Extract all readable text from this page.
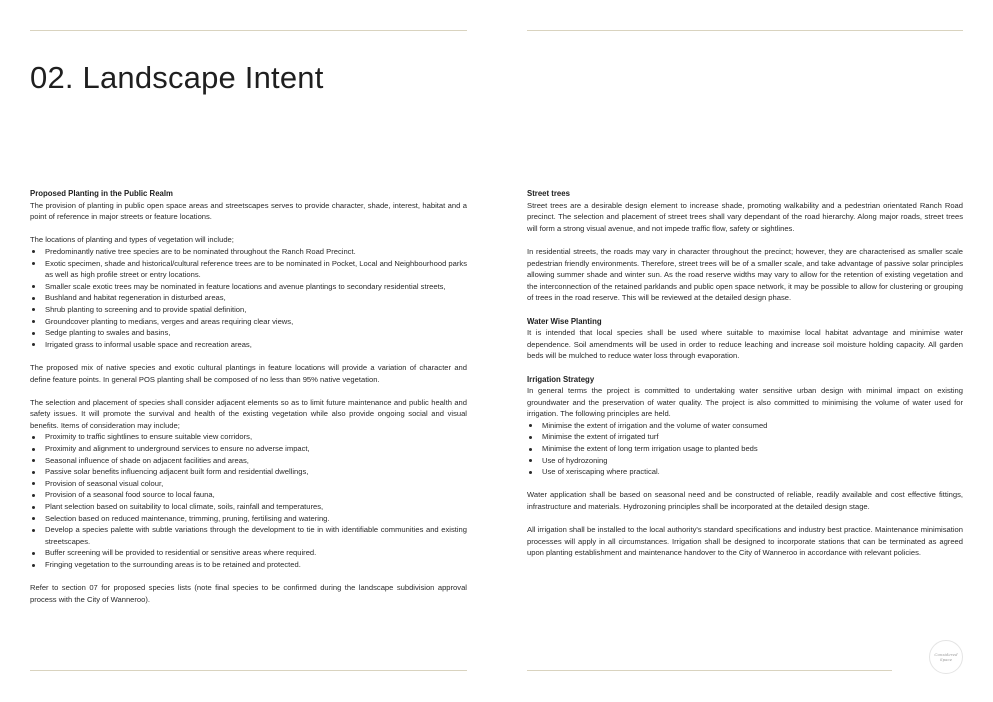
02. Landscape Intent
Proposed Planting in the Public Realm

The provision of planting in public open space areas and streetscapes serves to provide character, shade, interest, habitat and a point of reference in major streets or feature locations.

The locations of planting and types of vegetation will include;
Predominantly native tree species are to be nominated throughout the Ranch Road Precinct.
Exotic specimen, shade and historical/cultural reference trees are to be nominated in Pocket, Local and Neighbourhood parks as well as high profile street or entry locations.
Smaller scale exotic trees may be nominated in feature locations and avenue plantings to secondary residential streets,
Bushland and habitat regeneration in disturbed areas,
Shrub planting to screening and to provide spatial definition,
Groundcover planting to medians, verges and areas requiring clear views,
Sedge planting to swales and basins,
Irrigated grass to informal usable space and recreation areas,

The proposed mix of native species and exotic cultural plantings in feature locations will provide a variation of character and define feature points. In general POS planting shall be composed of no less than 95% native vegetation.

The selection and placement of species shall consider adjacent elements so as to limit future maintenance and public health and safety issues. It will promote the survival and health of the existing vegetation while also provide ongoing social and visual benefits. Items of consideration may include;
Proximity to traffic sightlines to ensure suitable view corridors,
Proximity and alignment to underground services to ensure no adverse impact,
Seasonal influence of shade on adjacent facilities and areas,
Passive solar benefits influencing adjacent built form and residential dwellings,
Provision of seasonal visual colour,
Provision of a seasonal food source to local fauna,
Plant selection based on suitability to local climate, soils, rainfall and temperatures,
Selection based on reduced maintenance, trimming, pruning, fertilising and watering.
Develop a species palette with subtle variations through the development to tie in with identifiable communities and existing streetscapes.
Buffer screening will be provided to residential or sensitive areas where required.
Fringing vegetation to the surrounding areas is to be retained and protected.

Refer to section 07 for proposed species lists (note final species to be confirmed during the landscape subdivision approval process with the City of Wanneroo).

Street trees

Street trees are a desirable design element to increase shade, promoting walkability and a pedestrian orientated Ranch Road precinct. The selection and placement of street trees shall vary dependant of the road hierarchy. Along major roads, street trees will form a strong visual avenue, and not impede traffic flow, safety or sightlines.

In residential streets, the roads may vary in character throughout the precinct; however, they are characterised as smaller scale pedestrian friendly environments. Therefore, street trees will be of a smaller scale, and take advantage of passive solar principles allowing summer shade and winter sun. As the road reserve widths may vary to allow for the retention of existing vegetation and the interconnection of the retained parklands and public open space network, it may be possible to allow for clustering or grouping of trees in the road reserve. This will be reviewed at the detailed design phase.

Water Wise Planting

It is intended that local species shall be used where suitable to maximise local habitat advantage and minimise water dependence. Soil amendments will be used in order to reduce leaching and increase soil moisture holding capacity. All garden beds will be mulched to reduce water loss through evaporation.

Irrigation Strategy
In general terms the project is committed to undertaking water sensitive urban design with minimal impact on existing groundwater and the preservation of water quality. The project is also committed to minimising the volume of water used for irrigation. The following principles are held.
Minimise the extent of irrigation and the volume of water consumed
Minimise the extent of irrigated turf
Minimise the extent of long term irrigation usage to planted beds
Use of hydrozoning
Use of xeriscaping where practical.

Water application shall be based on seasonal need and be constructed of reliable, readily available and cost effective fittings, infrastructure and materials. Hydrozoning principles shall be incorporated at the detailed design stage.

All irrigation shall be installed to the local authority's standard specifications and industry best practice. Maintenance minimisation processes will apply in all circumstances. Irrigation shall be designed to incorporate stations that can be terminated as agreed upon planting establishment and maintenance handover to the City of Wanneroo in accordance with relevant policies.

Considered
Space
